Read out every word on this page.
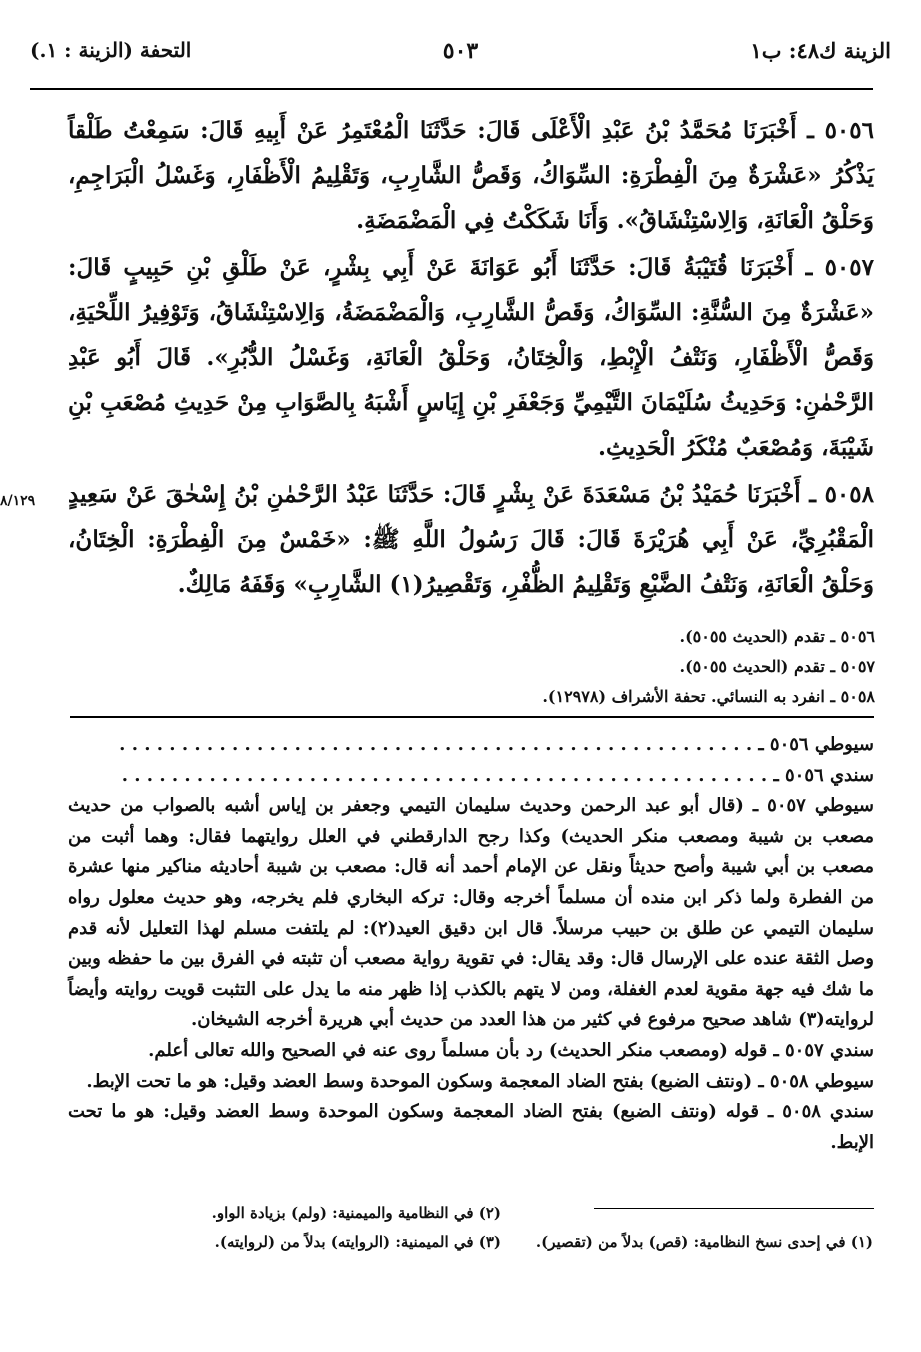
الزينة ك٤٨: ب١
٥٠٣
التحفة (الزينة : ١.)

٥٠٥٦ ـ أَخْبَرَنَا مُحَمَّدُ بْنُ عَبْدِ الْأَعْلَى قَالَ: حَدَّثَنَا الْمُعْتَمِرُ عَنْ أَبِيهِ قَالَ: سَمِعْتُ طَلْقاً يَذْكُرُ «عَشْرَةٌ مِنَ الْفِطْرَةِ: السِّوَاكُ، وَقَصُّ الشَّارِبِ، وَتَقْلِيمُ الْأَظْفَارِ، وَغَسْلُ الْبَرَاجِمِ، وَحَلْقُ الْعَانَةِ، وَالِاسْتِنْشَاقُ». وَأَنَا شَكَكْتُ فِي الْمَضْمَضَةِ.

٥٠٥٧ ـ أَخْبَرَنَا قُتَيْبَةُ قَالَ: حَدَّثَنَا أَبُو عَوَانَةَ عَنْ أَبِي بِشْرٍ، عَنْ طَلْقِ بْنِ حَبِيبٍ قَالَ: «عَشْرَةٌ مِنَ السُّنَّةِ: السِّوَاكُ، وَقَصُّ الشَّارِبِ، وَالْمَضْمَضَةُ، وَالِاسْتِنْشَاقُ، وَتَوْفِيرُ اللِّحْيَةِ، وَقَصُّ الْأَظْفَارِ، وَنَتْفُ الْإِبْطِ، وَالْخِتَانُ، وَحَلْقُ الْعَانَةِ، وَغَسْلُ الدُّبُرِ». قَالَ أَبُو عَبْدِ الرَّحْمٰنِ: وَحَدِيثُ سُلَيْمَانَ التَّيْمِيِّ وَجَعْفَرِ بْنِ إِيَاسٍ أَشْبَهُ بِالصَّوَابِ مِنْ حَدِيثِ مُصْعَبِ بْنِ شَيْبَةَ، وَمُصْعَبٌ مُنْكَرُ الْحَدِيثِ.

٥٠٥٨ ـ أَخْبَرَنَا حُمَيْدُ بْنُ مَسْعَدَةَ عَنْ بِشْرٍ قَالَ: حَدَّثَنَا عَبْدُ الرَّحْمٰنِ بْنُ إِسْحٰقَ عَنْ سَعِيدٍ الْمَقْبُرِيِّ، عَنْ أَبِي هُرَيْرَةَ قَالَ: قَالَ رَسُولُ اللَّهِ ﷺ: «خَمْسٌ مِنَ الْفِطْرَةِ: الْخِتَانُ، وَحَلْقُ الْعَانَةِ، وَنَتْفُ الضَّبْعِ وَتَقْلِيمُ الظُّفْرِ، وَتَقْصِيرُ(١) الشَّارِبِ» وَقَفَهُ مَالِكٌ.

٨/١٢٩
٥٠٥٦ ـ تقدم (الحديث ٥٠٥٥).
٥٠٥٧ ـ تقدم (الحديث ٥٠٥٥).
٥٠٥٨ ـ انفرد به النسائي. تحفة الأشراف (١٢٩٧٨).

سيوطي ٥٠٥٦ ـ . . . . . . . . . . . . . . . . . . . . . . . . . . . . . . . . . . . . . . . . . . . . . . . . . . .

سندي ٥٠٥٦ ـ . . . . . . . . . . . . . . . . . . . . . . . . . . . . . . . . . . . . . . . . . . . . . . . . . . . .

سيوطي ٥٠٥٧ ـ (قال أبو عبد الرحمن وحديث سليمان التيمي وجعفر بن إياس أشبه بالصواب من حديث مصعب بن شيبة ومصعب منكر الحديث) وكذا رجح الدارقطني في العلل روايتهما فقال: وهما أثبت من مصعب بن أبي شيبة وأصح حديثاً ونقل عن الإمام أحمد أنه قال: مصعب بن شيبة أحاديثه مناكير منها عشرة من الفطرة ولما ذكر ابن منده أن مسلماً أخرجه وقال: تركه البخاري فلم يخرجه، وهو حديث معلول رواه سليمان التيمي عن طلق بن حبيب مرسلاً. قال ابن دقيق العيد(٢): لم يلتفت مسلم لهذا التعليل لأنه قدم وصل الثقة عنده على الإرسال قال: وقد يقال: في تقوية رواية مصعب أن تثبته في الفرق بين ما حفظه وبين ما شك فيه جهة مقوية لعدم الغفلة، ومن لا يتهم بالكذب إذا ظهر منه ما يدل على التثبت قويت روايته وأيضاً لروايته(٣) شاهد صحيح مرفوع في كثير من هذا العدد من حديث أبي هريرة أخرجه الشيخان.

سندي ٥٠٥٧ ـ قوله (ومصعب منكر الحديث) رد بأن مسلماً روى عنه في الصحيح والله تعالى أعلم.

سيوطي ٥٠٥٨ ـ (ونتف الضبع) بفتح الضاد المعجمة وسكون الموحدة وسط العضد وقيل: هو ما تحت الإبط.

سندي ٥٠٥٨ ـ قوله (ونتف الضبع) بفتح الضاد المعجمة وسكون الموحدة وسط العضد وقيل: هو ما تحت الإبط.

(١) في إحدى نسخ النظامية: (قص) بدلاً من (تقصير).
(٢) في النظامية والميمنية: (ولم) بزيادة الواو.
(٣) في الميمنية: (الروايته) بدلاً من (لروايته).
